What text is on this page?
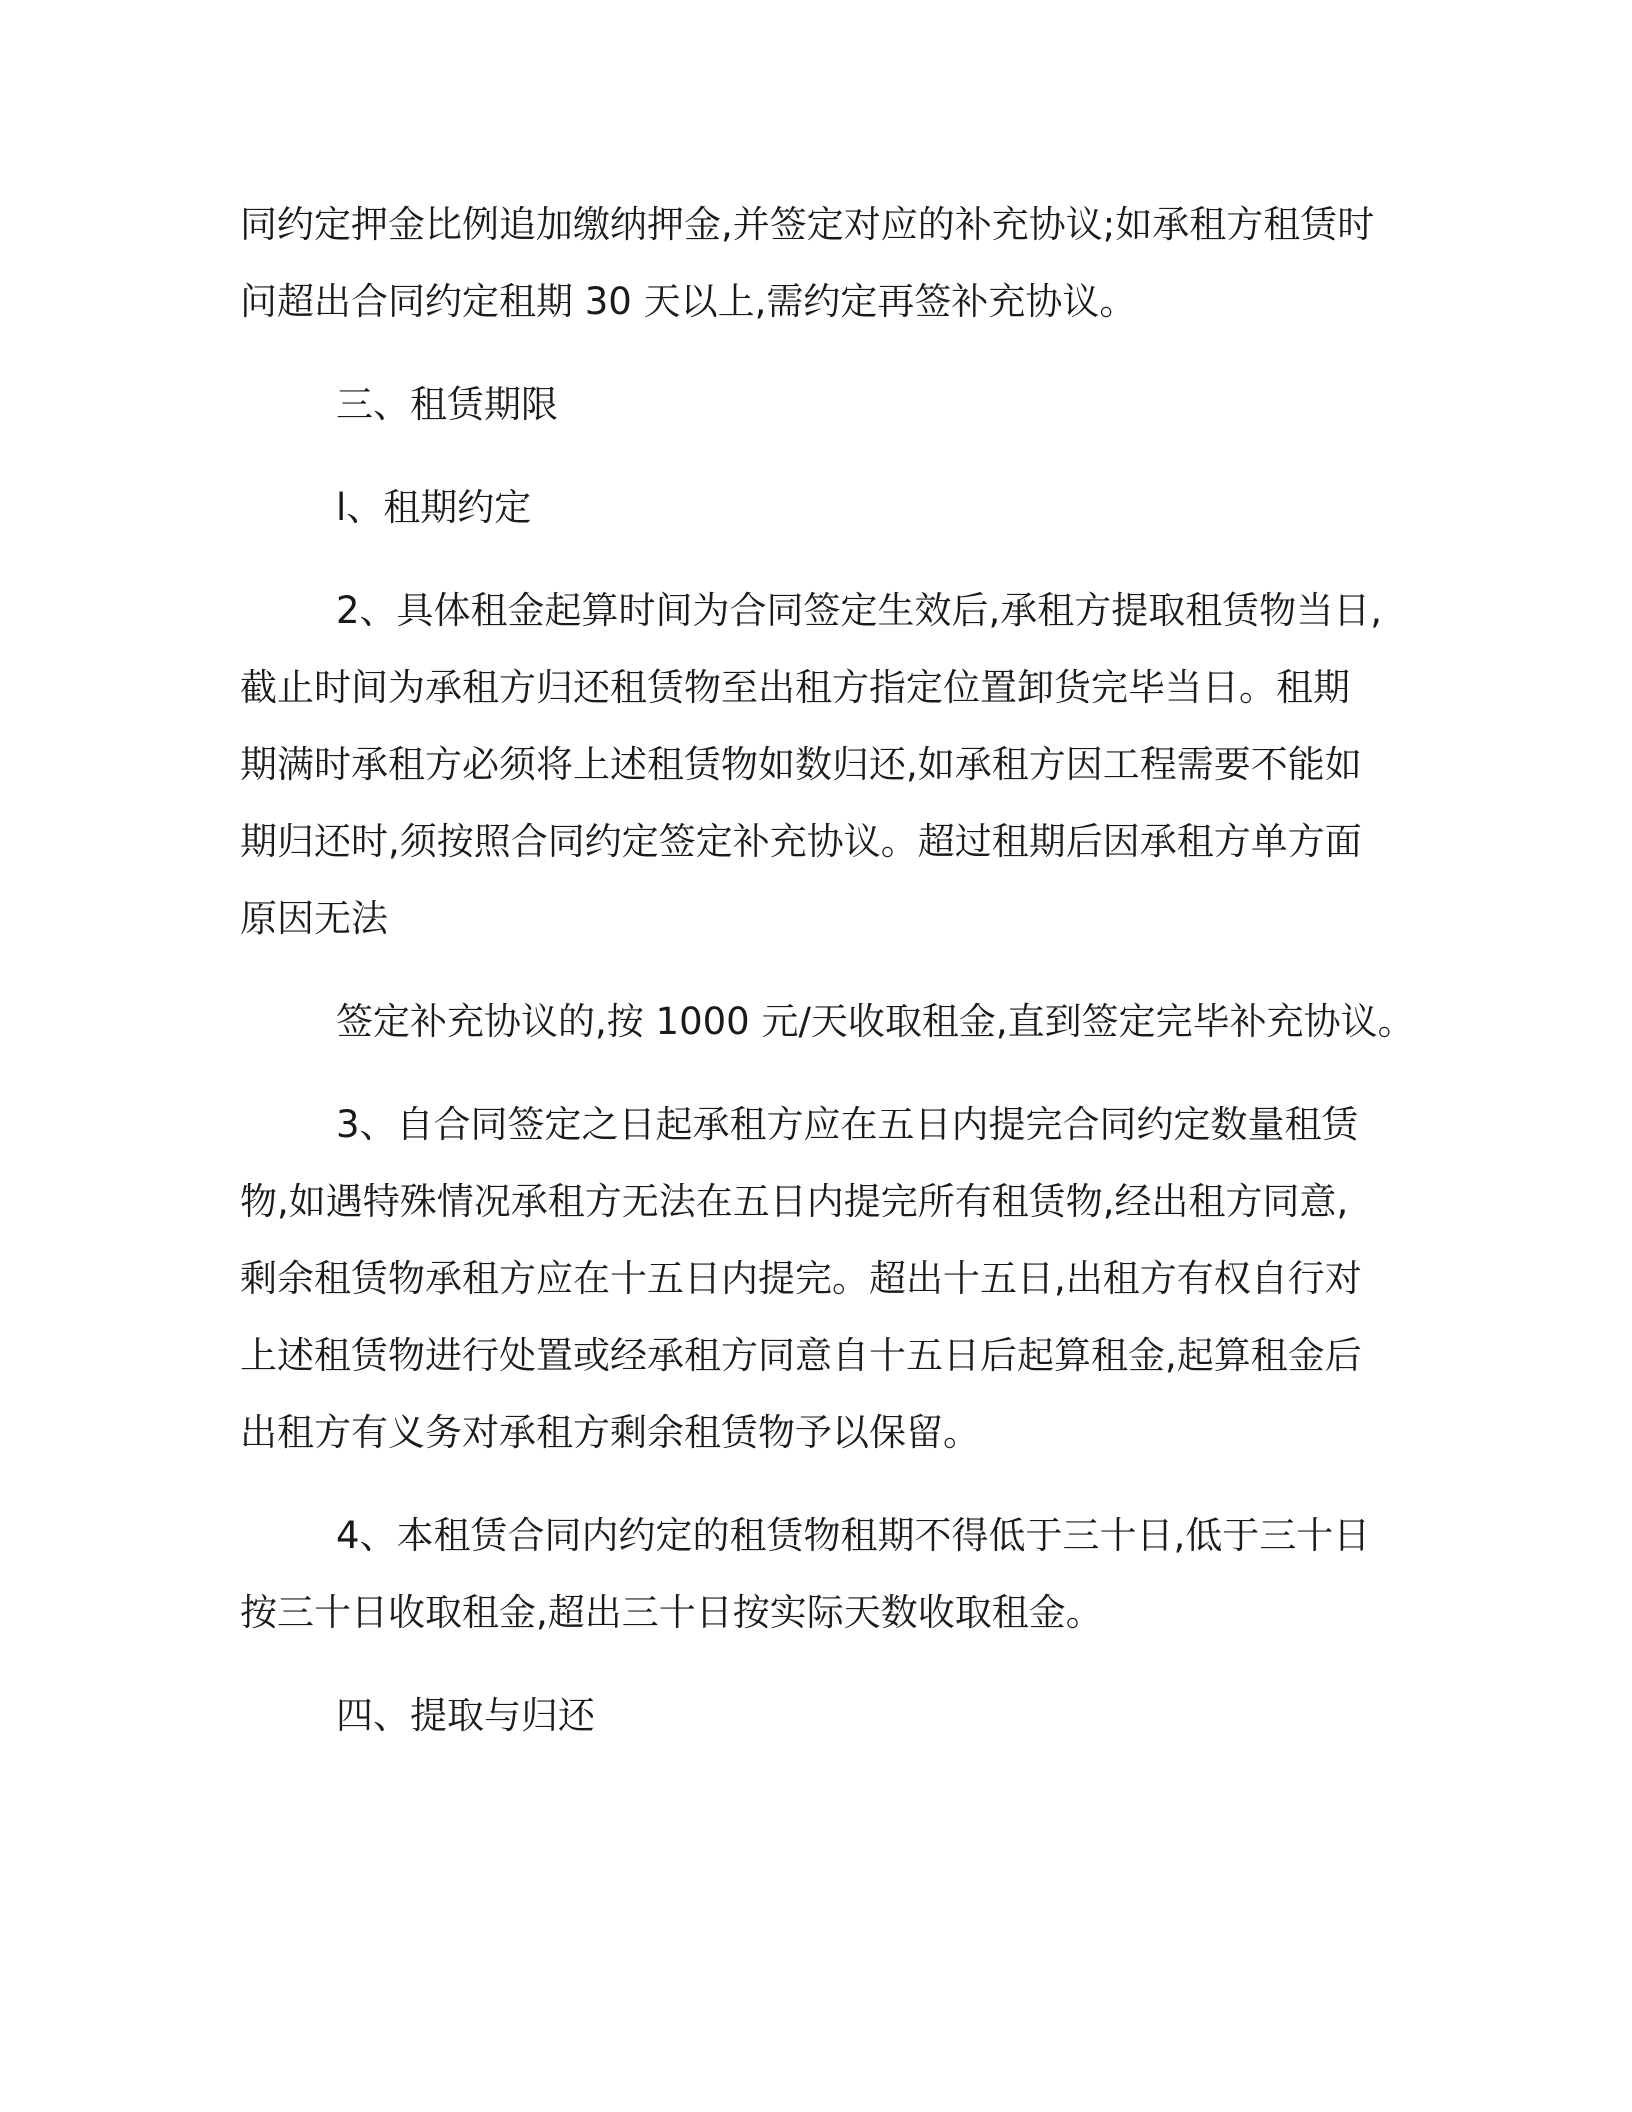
同约定押金比例追加缴纳押金,并签定对应的补充协议;如承租方租赁时
问超出合同约定租期 30 天以上,需约定再签补充协议。
三、租赁期限
l、租期约定
2、具体租金起算时间为合同签定生效后,承租方提取租赁物当日,
截止时间为承租方归还租赁物至出租方指定位置卸货完毕当日。租期
期满时承租方必须将上述租赁物如数归还,如承租方因工程需要不能如
期归还时,须按照合同约定签定补充协议。超过租期后因承租方单方面
原因无法
签定补充协议的,按 1000 元/天收取租金,直到签定完毕补充协议。
3、自合同签定之日起承租方应在五日内提完合同约定数量租赁
物,如遇特殊情况承租方无法在五日内提完所有租赁物,经出租方同意,
剩余租赁物承租方应在十五日内提完。超出十五日,出租方有权自行对
上述租赁物进行处置或经承租方同意自十五日后起算租金,起算租金后
出租方有义务对承租方剩余租赁物予以保留。
4、本租赁合同内约定的租赁物租期不得低于三十日,低于三十日
按三十日收取租金,超出三十日按实际天数收取租金。
四、提取与归还
